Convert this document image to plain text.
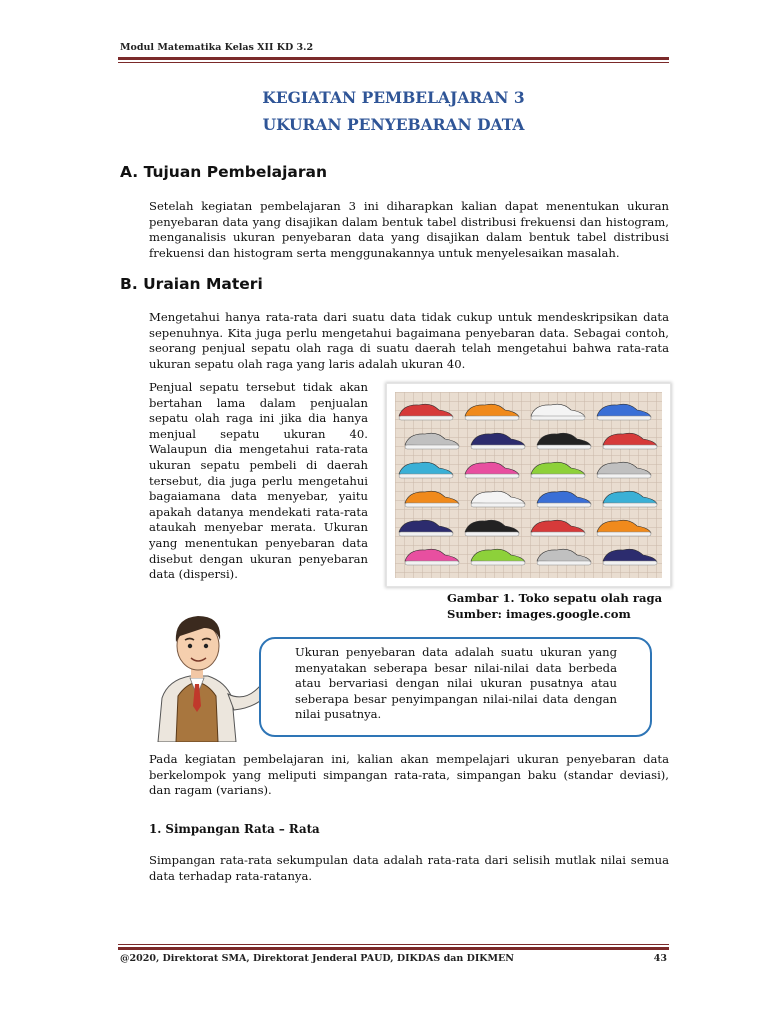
Modul Matematika Kelas XII KD 3.2
KEGIATAN PEMBELAJARAN 3
UKURAN PENYEBARAN DATA
A. Tujuan Pembelajaran
Setelah kegiatan pembelajaran 3 ini diharapkan kalian dapat menentukan ukuran penyebaran data yang disajikan dalam bentuk tabel distribusi frekuensi dan histogram, menganalisis ukuran penyebaran data yang disajikan dalam bentuk tabel distribusi frekuensi dan histogram serta menggunakannya untuk menyelesaikan masalah.
B. Uraian Materi
Mengetahui hanya rata-rata dari suatu data tidak cukup untuk mendeskripsikan data sepenuhnya. Kita juga perlu mengetahui bagaimana penyebaran data. Sebagai contoh, seorang penjual sepatu olah raga di suatu daerah telah mengetahui bahwa rata-rata ukuran sepatu olah raga yang laris adalah ukuran 40.
Penjual sepatu tersebut tidak akan bertahan lama dalam penjualan sepatu olah raga ini jika dia hanya menjual sepatu ukuran 40. Walaupun dia mengetahui rata-rata ukuran sepatu pembeli di daerah tersebut, dia juga perlu mengetahui bagaiamana data menyebar, yaitu apakah datanya mendekati rata-rata ataukah menyebar merata. Ukuran yang menentukan penyebaran data disebut dengan ukuran penyebaran data (dispersi).
Gambar 1. Toko sepatu olah raga
Sumber: images.google.com
Ukuran penyebaran data adalah suatu ukuran yang menyatakan seberapa besar nilai-nilai data berbeda atau bervariasi dengan nilai ukuran pusatnya atau seberapa besar penyimpangan nilai-nilai data dengan nilai pusatnya.
Pada kegiatan pembelajaran ini, kalian akan mempelajari ukuran penyebaran data berkelompok yang meliputi simpangan rata-rata, simpangan baku (standar deviasi), dan ragam (varians).
1. Simpangan Rata – Rata
Simpangan rata-rata sekumpulan data adalah rata-rata dari selisih mutlak nilai semua data terhadap rata-ratanya.
@2020, Direktorat SMA, Direktorat Jenderal PAUD, DIKDAS dan DIKMEN	43
